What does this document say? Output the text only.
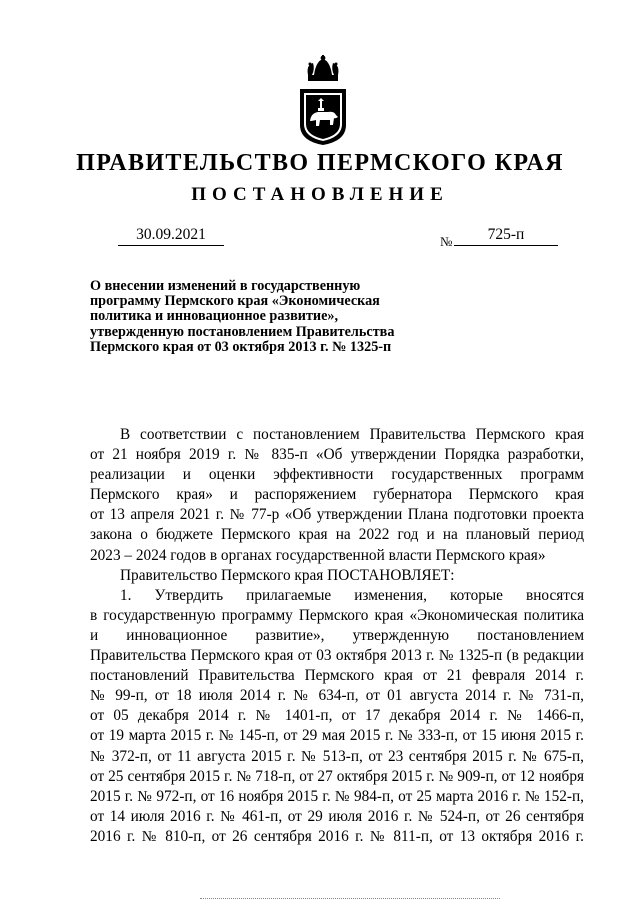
ПРАВИТЕЛЬСТВО ПЕРМСКОГО КРАЯ
ПОСТАНОВЛЕНИЕ
30.09.2021	№	725-п
О внесении изменений в государственную
программу Пермского края «Экономическая
политика и инновационное развитие»,
утвержденную постановлением Правительства
Пермского края от 03 октября 2013 г. № 1325-п
В соответствии с постановлением Правительства Пермского края
от 21 ноября 2019 г. № 835-п «Об утверждении Порядка разработки,
реализации и оценки эффективности государственных программ
Пермского края» и распоряжением губернатора Пермского края
от 13 апреля 2021 г. № 77-р «Об утверждении Плана подготовки проекта
закона о бюджете Пермского края на 2022 год и на плановый период
2023 – 2024 годов в органах государственной власти Пермского края»
Правительство Пермского края ПОСТАНОВЛЯЕТ:
1. Утвердить прилагаемые изменения, которые вносятся
в государственную программу Пермского края «Экономическая политика
и инновационное развитие», утвержденную постановлением
Правительства Пермского края от 03 октября 2013 г. № 1325-п (в редакции
постановлений Правительства Пермского края от 21 февраля 2014 г.
№ 99-п, от 18 июля 2014 г. № 634-п, от 01 августа 2014 г. № 731-п,
от 05 декабря 2014 г. № 1401-п, от 17 декабря 2014 г. № 1466-п,
от 19 марта 2015 г. № 145-п, от 29 мая 2015 г. № 333-п, от 15 июня 2015 г.
№ 372-п, от 11 августа 2015 г. № 513-п, от 23 сентября 2015 г. № 675-п,
от 25 сентября 2015 г. № 718-п, от 27 октября 2015 г. № 909-п, от 12 ноября
2015 г. № 972-п, от 16 ноября 2015 г. № 984-п, от 25 марта 2016 г. № 152-п,
от 14 июля 2016 г. № 461-п, от 29 июля 2016 г. № 524-п, от 26 сентября
2016 г. № 810-п, от 26 сентября 2016 г. № 811-п, от 13 октября 2016 г.
